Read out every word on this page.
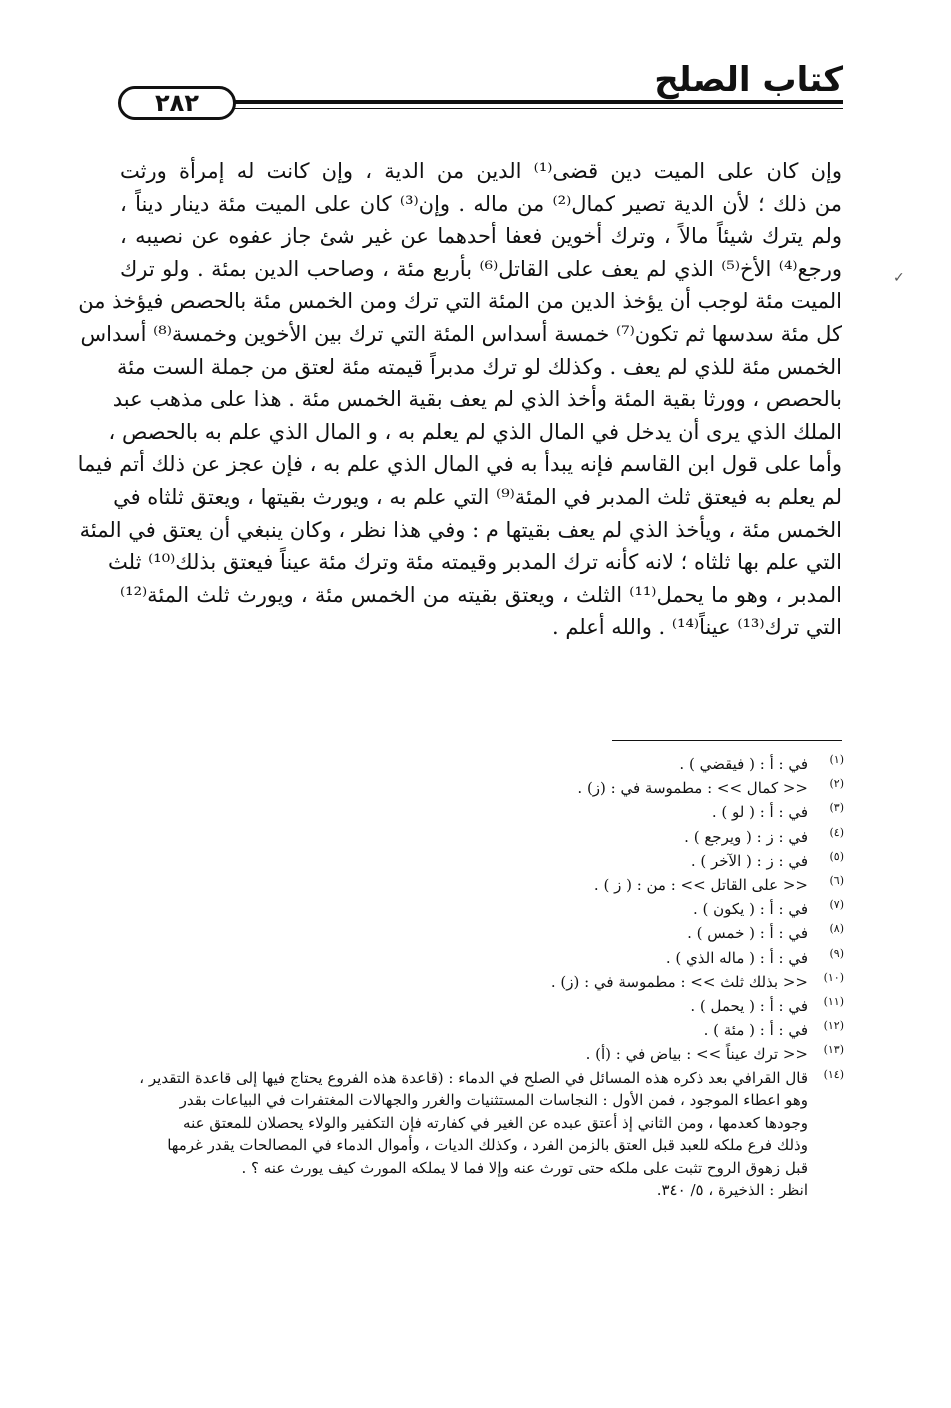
كتاب الصلح
٢٨٢
✓
وإن كان على الميت دين قضى⁽¹⁾ الدين من الدية ، وإن كانت له إمرأة ورثت
من ذلك ؛ لأن الدية تصير كمال⁽²⁾ من ماله . وإن⁽³⁾ كان على الميت مئة دينار ديناً ،
ولم يترك شيئاً مالاً ، وترك أخوين فعفا أحدهما عن غير شئ جاز عفوه عن نصيبه ،
ورجع⁽⁴⁾ الأخ⁽⁵⁾ الذي لم يعف على القاتل⁽⁶⁾ بأربع مئة ، وصاحب الدين بمئة . ولو ترك
الميت مئة لوجب أن يؤخذ الدين من المئة التي ترك ومن الخمس مئة بالحصص فيؤخذ من
كل مئة سدسها ثم تكون⁽⁷⁾ خمسة أسداس المئة التي ترك بين الأخوين وخمسة⁽⁸⁾ أسداس
الخمس مئة للذي لم يعف . وكذلك لو ترك مدبراً قيمته مئة لعتق من جملة الست مئة
بالحصص ، وورثا بقية المئة وأخذ الذي لم يعف بقية الخمس مئة . هذا على مذهب عبد
الملك الذي يرى أن يدخل في المال الذي لم يعلم به ، و المال الذي علم به بالحصص ،
وأما على قول ابن القاسم فإنه يبدأ به في المال الذي علم به ، فإن عجز عن ذلك أتم فيما
لم يعلم به فيعتق ثلث المدبر في المئة⁽⁹⁾ التي علم به ، ويورث بقيتها ، ويعتق ثلثاه في
الخمس مئة ، ويأخذ الذي لم يعف بقيتها م : وفي هذا نظر ، وكان ينبغي أن يعتق في المئة
التي علم بها ثلثاه ؛ لانه كأنه ترك المدبر وقيمته مئة وترك مئة عيناً فيعتق بذلك⁽¹⁰⁾ ثلث
المدبر ، وهو ما يحمل⁽¹¹⁾ الثلث ، ويعتق بقيته من الخمس مئة ، ويورث ثلث المئة⁽¹²⁾
التي ترك⁽¹³⁾ عيناً⁽¹⁴⁾ . والله أعلم .
(١)
في : أ : ( فيقضي ) .
(٢)
<< كمال >> : مطموسة في : (ز) .
(٣)
في : أ : ( لو ) .
(٤)
في : ز : ( ويرجع ) .
(٥)
في : ز : ( الآخر ) .
(٦)
<< على القاتل >> : من : ( ز ) .
(٧)
في : أ : ( يكون ) .
(٨)
في : أ : ( خمس ) .
(٩)
في : أ : ( ماله الذي ) .
(١٠)
<< بذلك ثلث >> : مطموسة في : (ز) .
(١١)
في : أ : ( يحمل ) .
(١٢)
في : أ : ( مئة ) .
(١٣)
<< ترك عيناً >> : بياض في : (أ) .
(١٤)
قال القرافي بعد ذكره هذه المسائل في الصلح في الدماء : (قاعدة هذه الفروع يحتاج فيها إلى قاعدة التقدير ،
وهو اعطاء الموجود ، فمن الأول : النجاسات المستثنيات والغرر والجهالات المغتفرات في البياعات بقدر
وجودها كعدمها ، ومن الثاني إذ أعتق عبده عن الغير في كفارته فإن التكفير والولاء يحصلان للمعتق عنه
وذلك فرع ملكه للعبد قبل العتق بالزمن الفرد ، وكذلك الديات ، وأموال الدماء في المصالحات يقدر غرمها
قبل زهوق الروح تثبت على ملكه حتى تورث عنه وإلا فما لا يملكه المورث كيف يورث عنه ؟ .
انظر : الذخيرة ، ٥/ ٣٤٠.
